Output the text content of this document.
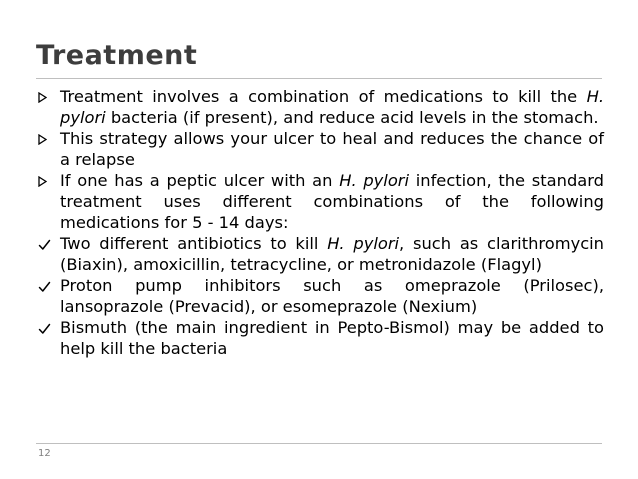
Treatment
Treatment involves a combination of medications to kill the H. pylori bacteria (if present), and reduce acid levels in the stomach.
This strategy allows your ulcer to heal and reduces the chance of a relapse
If one has a peptic ulcer with an H. pylori infection, the standard treatment uses different combinations of the following medications for 5 - 14 days:
Two different antibiotics to kill H. pylori, such as clarithromycin (Biaxin), amoxicillin, tetracycline, or metronidazole (Flagyl)
Proton pump inhibitors such as omeprazole (Prilosec), lansoprazole (Prevacid), or esomeprazole (Nexium)
Bismuth (the main ingredient in Pepto-Bismol) may be added to help kill the bacteria
12
